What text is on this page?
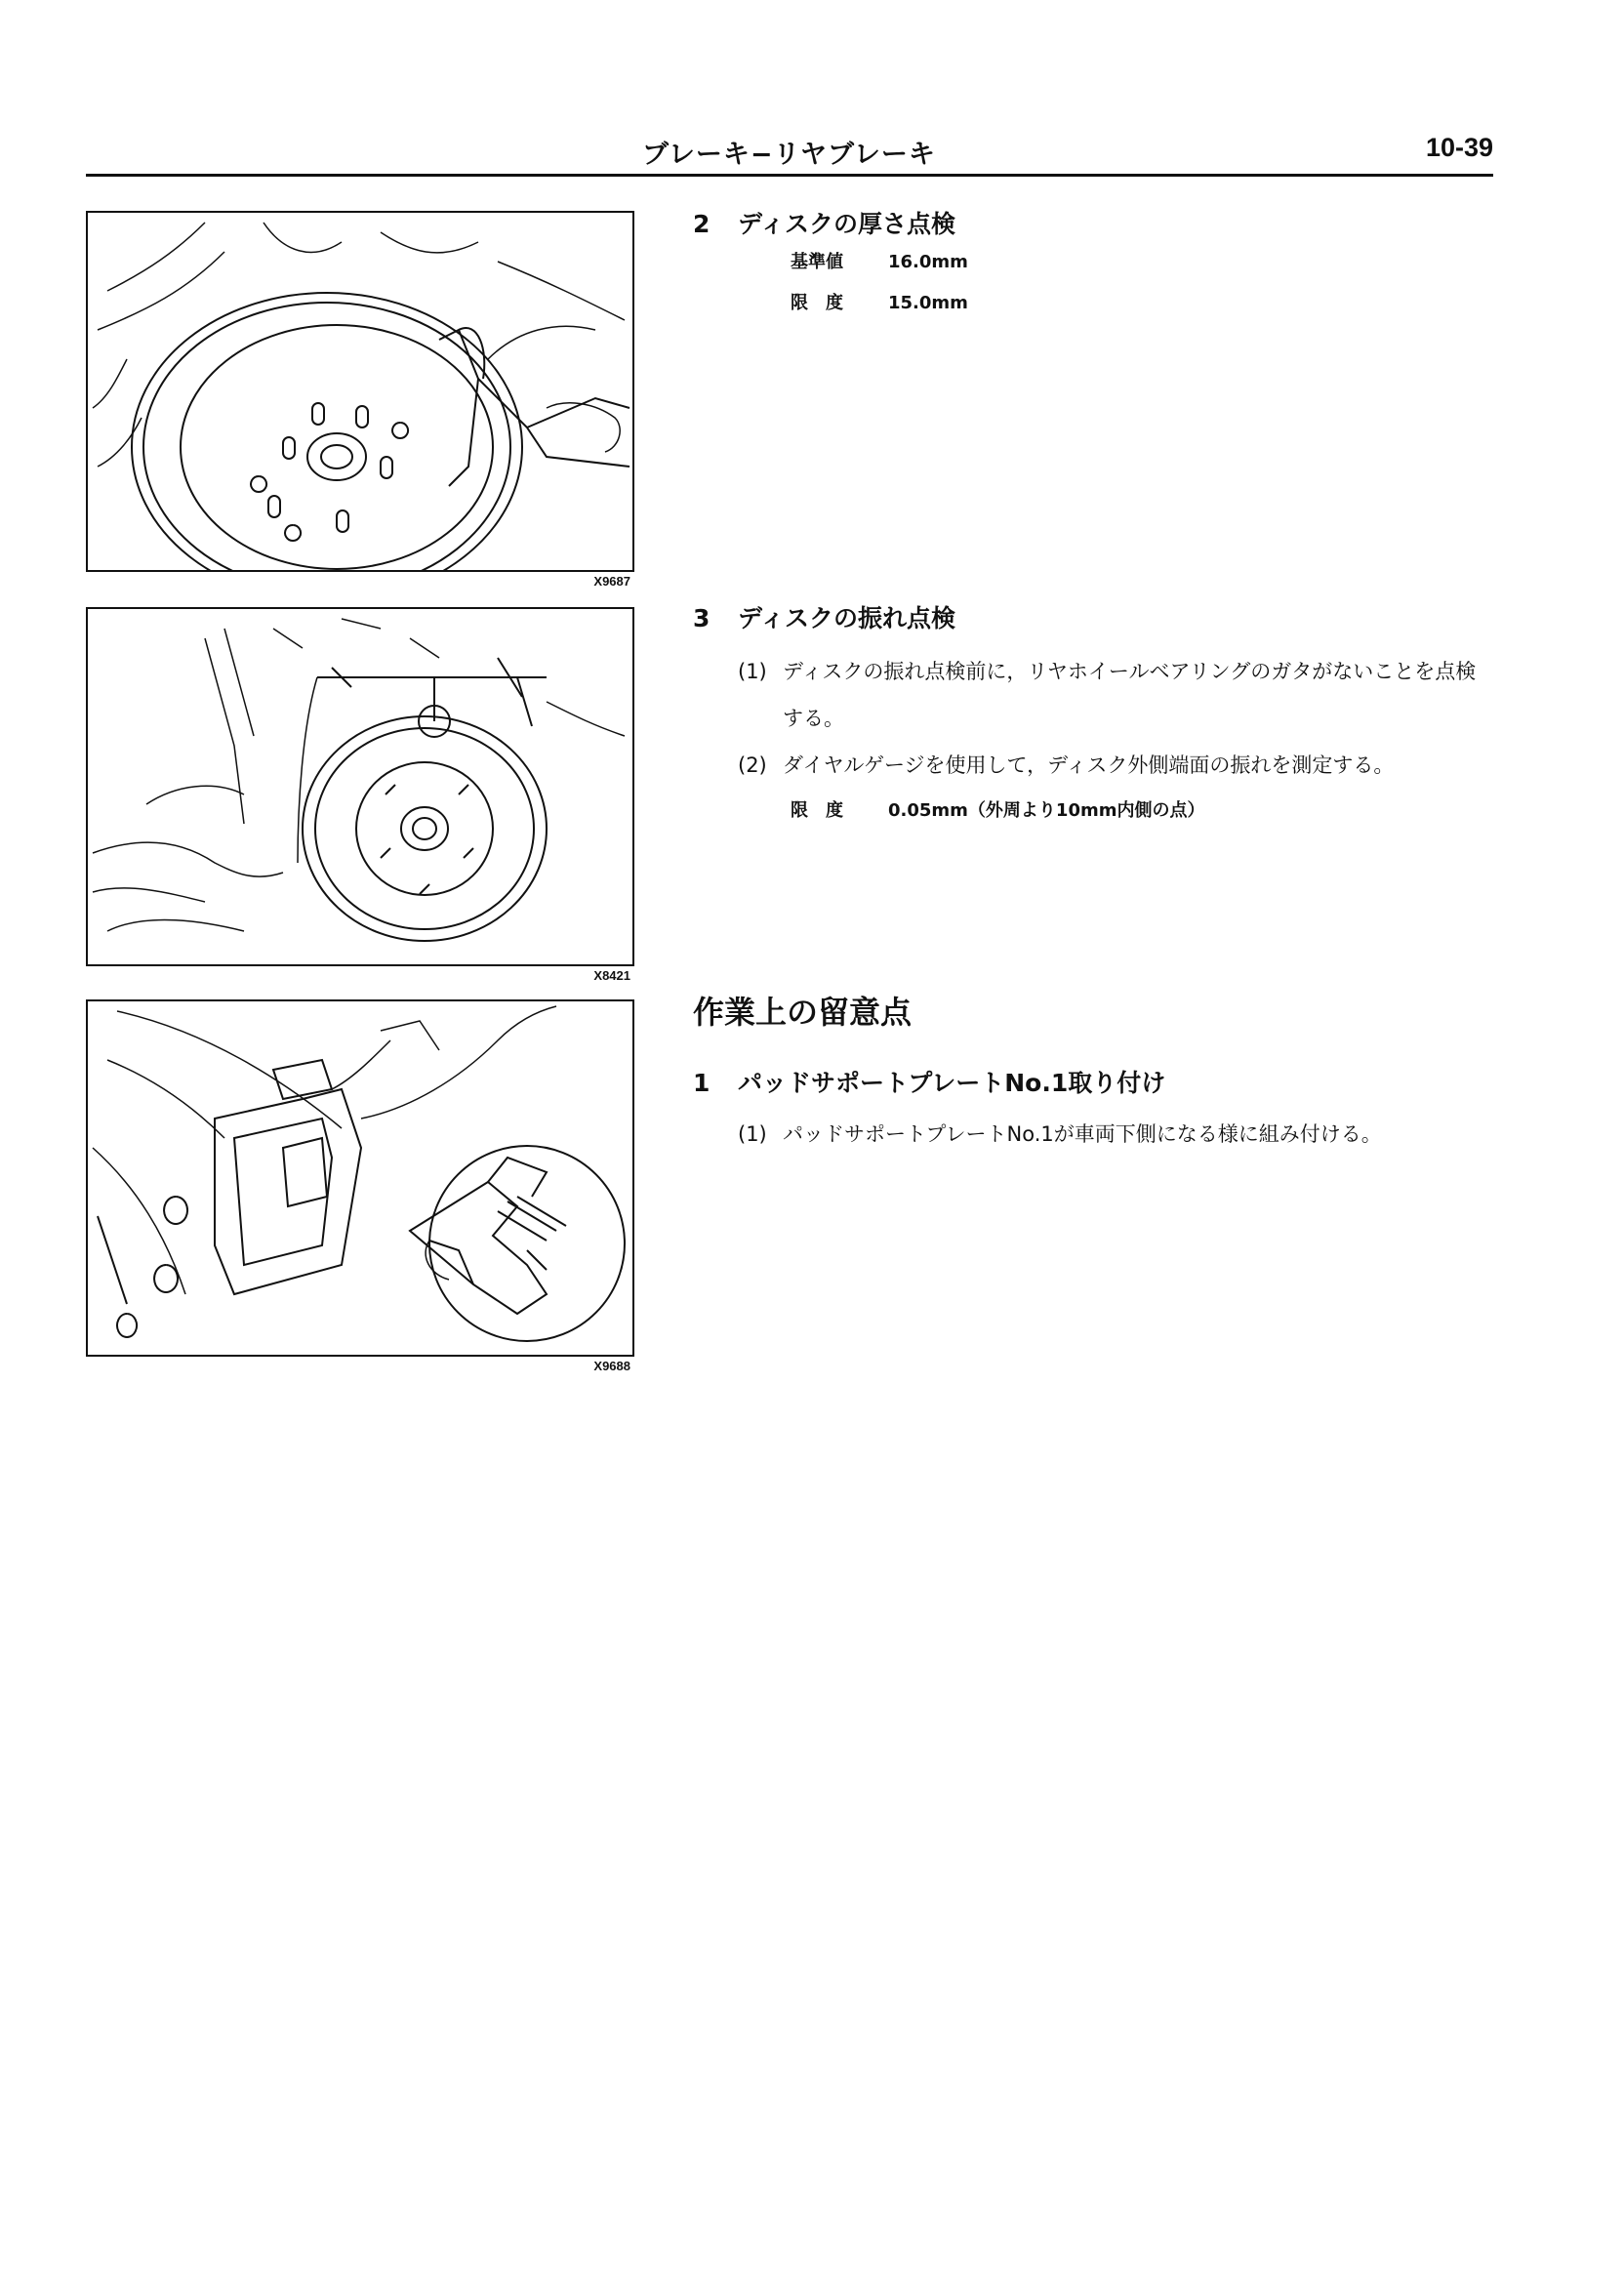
ブレーキ−リヤブレーキ	10-39
X9687
X8421
X9688

2 ディスクの厚さ点検

基準値	16.0mm
限　度	15.0mm

3 ディスクの振れ点検

(1) ディスクの振れ点検前に，リヤホイールベアリングのガタがないことを点検する。
(2) ダイヤルゲージを使用して，ディスク外側端面の振れを測定する。
限　度	0.05mm（外周より10mm内側の点）

作業上の留意点

1 パッドサポートプレートNo.1取り付け

(1) パッドサポートプレートNo.1が車両下側になる様に組み付ける。
